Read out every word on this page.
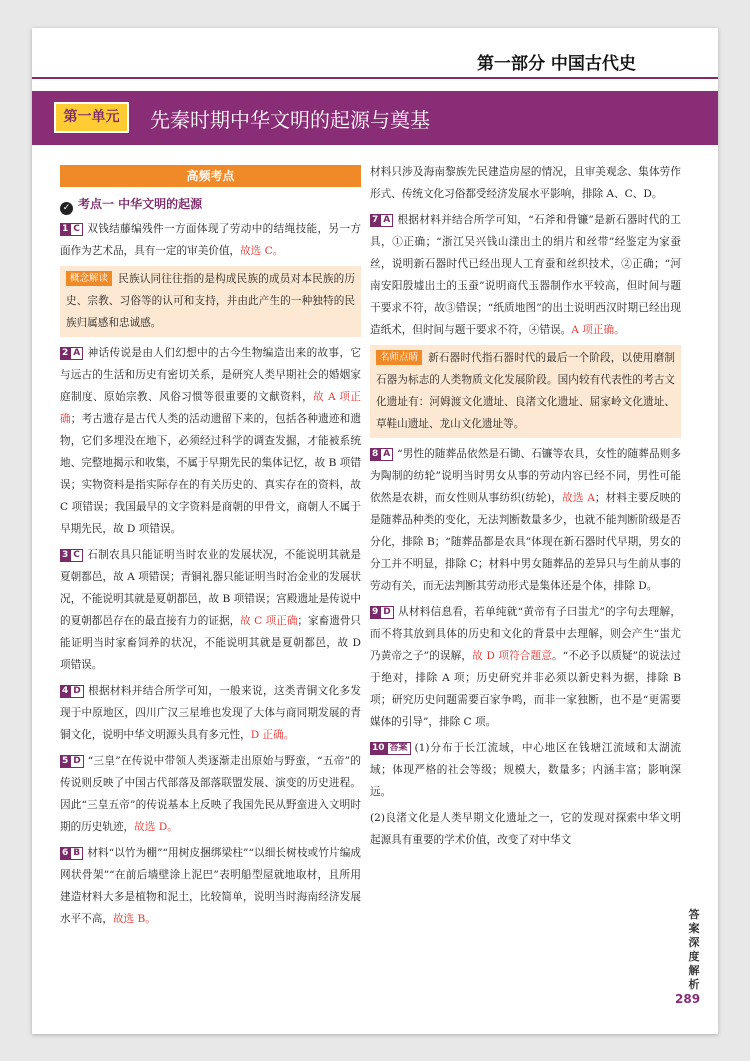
第一部分 中国古代史
第一单元	先秦时期中华文明的起源与奠基
高频考点
✓ 考点一 中华文明的起源

1 C 双钱结藤编残件一方面体现了劳动中的结绳技能，另一方面作为艺术品，具有一定的审美价值，故选 C。

概念解读 民族认同往往指的是构成民族的成员对本民族的历史、宗教、习俗等的认可和支持，并由此产生的一种独特的民族归属感和忠诚感。

2 A 神话传说是由人们幻想中的古今生物编造出来的故事，它与远古的生活和历史有密切关系，是研究人类早期社会的婚姻家庭制度、原始宗教、风俗习惯等很重要的文献资料，故 A 项正确；考古遗存是古代人类的活动遗留下来的，包括各种遗迹和遗物，它们多埋没在地下，必须经过科学的调查发掘，才能被系统地、完整地揭示和收集，不属于早期先民的集体记忆，故 B 项错误；实物资料是指实际存在的有关历史的、真实存在的资料，故 C 项错误；我国最早的文字资料是商朝的甲骨文，商朝人不属于早期先民，故 D 项错误。

3 C 石制农具只能证明当时农业的发展状况，不能说明其就是夏朝都邑，故 A 项错误；青铜礼器只能证明当时冶金业的发展状况，不能说明其就是夏朝都邑，故 B 项错误；宫殿遗址是传说中的夏朝都邑存在的最直接有力的证据，故 C 项正确；家畜遗骨只能证明当时家畜饲养的状况，不能说明其就是夏朝都邑，故 D 项错误。

4 D 根据材料并结合所学可知，一般来说，这类青铜文化多发现于中原地区，四川广汉三星堆也发现了大体与商同期发展的青铜文化，说明中华文明源头具有多元性，D 正确。

5 D “三皇”在传说中带领人类逐渐走出原始与野蛮，“五帝”的传说则反映了中国古代部落及部落联盟发展、演变的历史进程。因此“三皇五帝”的传说基本上反映了我国先民从野蛮进入文明时期的历史轨迹，故选 D。

6 B 材料“以竹为棚”“用树皮捆绑梁柱”“以细长树枝或竹片编成网状骨架”“在前后墙壁涂上泥巴”表明船型屋就地取材，且所用建造材料大多是植物和泥土，比较简单，说明当时海南经济发展水平不高，故选 B。

材料只涉及海南黎族先民建造房屋的情况，且审美观念、集体劳作形式、传统文化习俗都受经济发展水平影响，排除 A、C、D。

7 A 根据材料并结合所学可知，“石斧和骨镰”是新石器时代的工具，①正确；“浙江吴兴钱山漾出土的绢片和丝带”经鉴定为家蚕丝，说明新石器时代已经出现人工育蚕和丝织技术，②正确；“河南安阳殷墟出土的玉蚕”说明商代玉器制作水平较高，但时间与题干要求不符，故③错误；“纸质地图”的出土说明西汉时期已经出现造纸术，但时间与题干要求不符，④错误。A 项正确。

名师点睛 新石器时代指石器时代的最后一个阶段，以使用磨制石器为标志的人类物质文化发展阶段。国内较有代表性的考古文化遗址有：河姆渡文化遗址、良渚文化遗址、屈家岭文化遗址、草鞋山遗址、龙山文化遗址等。

8 A “男性的随葬品依然是石锄、石镰等农具，女性的随葬品则多为陶制的纺轮”说明当时男女从事的劳动内容已经不同，男性可能依然是农耕，而女性则从事纺织(纺轮)，故选 A；材料主要反映的是随葬品种类的变化，无法判断数量多少，也就不能判断阶级是否分化，排除 B；“随葬品都是农具”体现在新石器时代早期，男女的分工并不明显，排除 C；材料中男女随葬品的差异只与生前从事的劳动有关，而无法判断其劳动形式是集体还是个体，排除 D。

9 D 从材料信息看，若单纯就“黄帝有子曰蚩尤”的字句去理解，而不将其放到具体的历史和文化的背景中去理解，则会产生“蚩尤乃黄帝之子”的误解，故 D 项符合题意。“不必予以质疑”的说法过于绝对，排除 A 项；历史研究并非必须以新史料为据，排除 B 项；研究历史问题需要百家争鸣，而非一家独断，也不是“更需要媒体的引导”，排除 C 项。

10 答案 (1)分布于长江流域，中心地区在钱塘江流域和太湖流域；体现严格的社会等级；规模大，数量多；内涵丰富；影响深远。

(2)良渚文化是人类早期文化遗址之一，它的发现对探索中华文明起源具有重要的学术价值，改变了对中华文

答案深度解析
289
